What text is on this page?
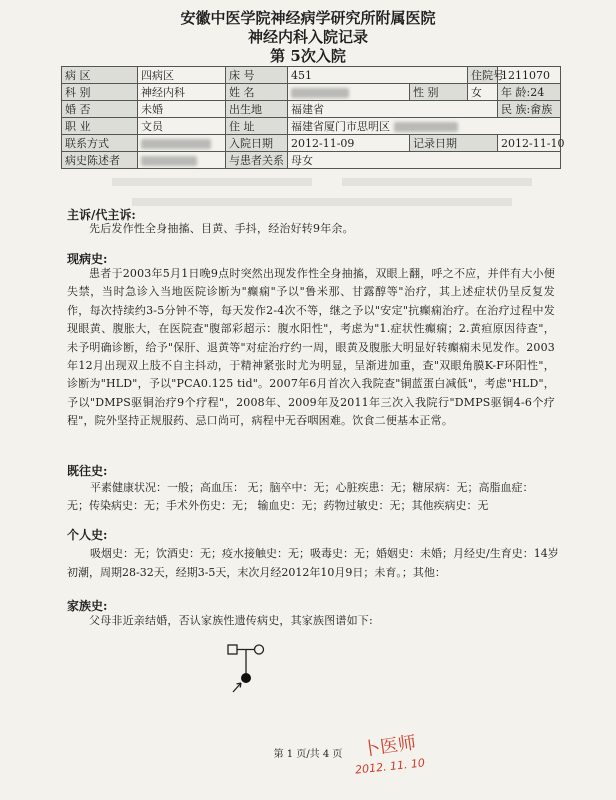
安徽中医学院神经病学研究所附属医院
神经内科入院记录
第 5次入院
病 区	四病区	床 号	451		住院号	1211070
科 别	神经内科	姓 名		性 别	女	年 龄:24
婚 否	未婚	出生地	福建省			民 族:畲族
职 业	文员	住 址	福建省厦门市思明区			
联系方式		入院日期	2012-11-09	记录日期		2012-11-10
病史陈述者		与患者关系	母女			
主诉/代主诉:

先后发作性全身抽搐、目黄、手抖，经治好转9年余。

现病史:

患者于2003年5月1日晚9点时突然出现发作性全身抽搐，双眼上翻，呼之不应，并伴有大小便失禁，当时急诊入当地医院诊断为"癫痫"予以"鲁米那、甘露醇等"治疗，其上述症状仍呈反复发作，每次持续约3-5分钟不等，每天发作2-4次不等，继之予以"安定"抗癫痫治疗。在治疗过程中发现眼黄、腹胀大，在医院查"腹部彩超示：腹水阳性"，考虑为"1.症状性癫痫；2.黄疸原因待查"，未予明确诊断，给予"保肝、退黄等"对症治疗约一周，眼黄及腹胀大明显好转癫痫未见发作。2003年12月出现双上肢不自主抖动，于精神紧张时尤为明显，呈渐进加重，查"双眼角膜K-F环阳性"，诊断为"HLD"，予以"PCA0.125 tid"。2007年6月首次入我院查"铜蓝蛋白减低"，考虑"HLD"，予以"DMPS驱铜治疗9个疗程"，2008年、2009年及2011年三次入我院行"DMPS驱铜4-6个疗程"，院外坚持正规服药、忌口尚可，病程中无吞咽困难。饮食二便基本正常。

既往史:
平素健康状况：一般；高血压： 无；脑卒中：无；心脏疾患：无；糖尿病：无；高脂血症：
无；传染病史：无；手术外伤史：无； 输血史：无；药物过敏史：无；其他疾病史：无
个人史:
吸烟史：无；饮酒史：无；疫水接触史：无；吸毒史：无；婚姻史：未婚；月经史/生育史：14岁
初潮，周期28-32天，经期3-5天，末次月经2012年10月9日；未育。；其他：
家族史:

父母非近亲结婚，否认家族性遗传病史，其家族图谱如下:

第 1 页/共 4 页	卜医师
2012. 11. 10
